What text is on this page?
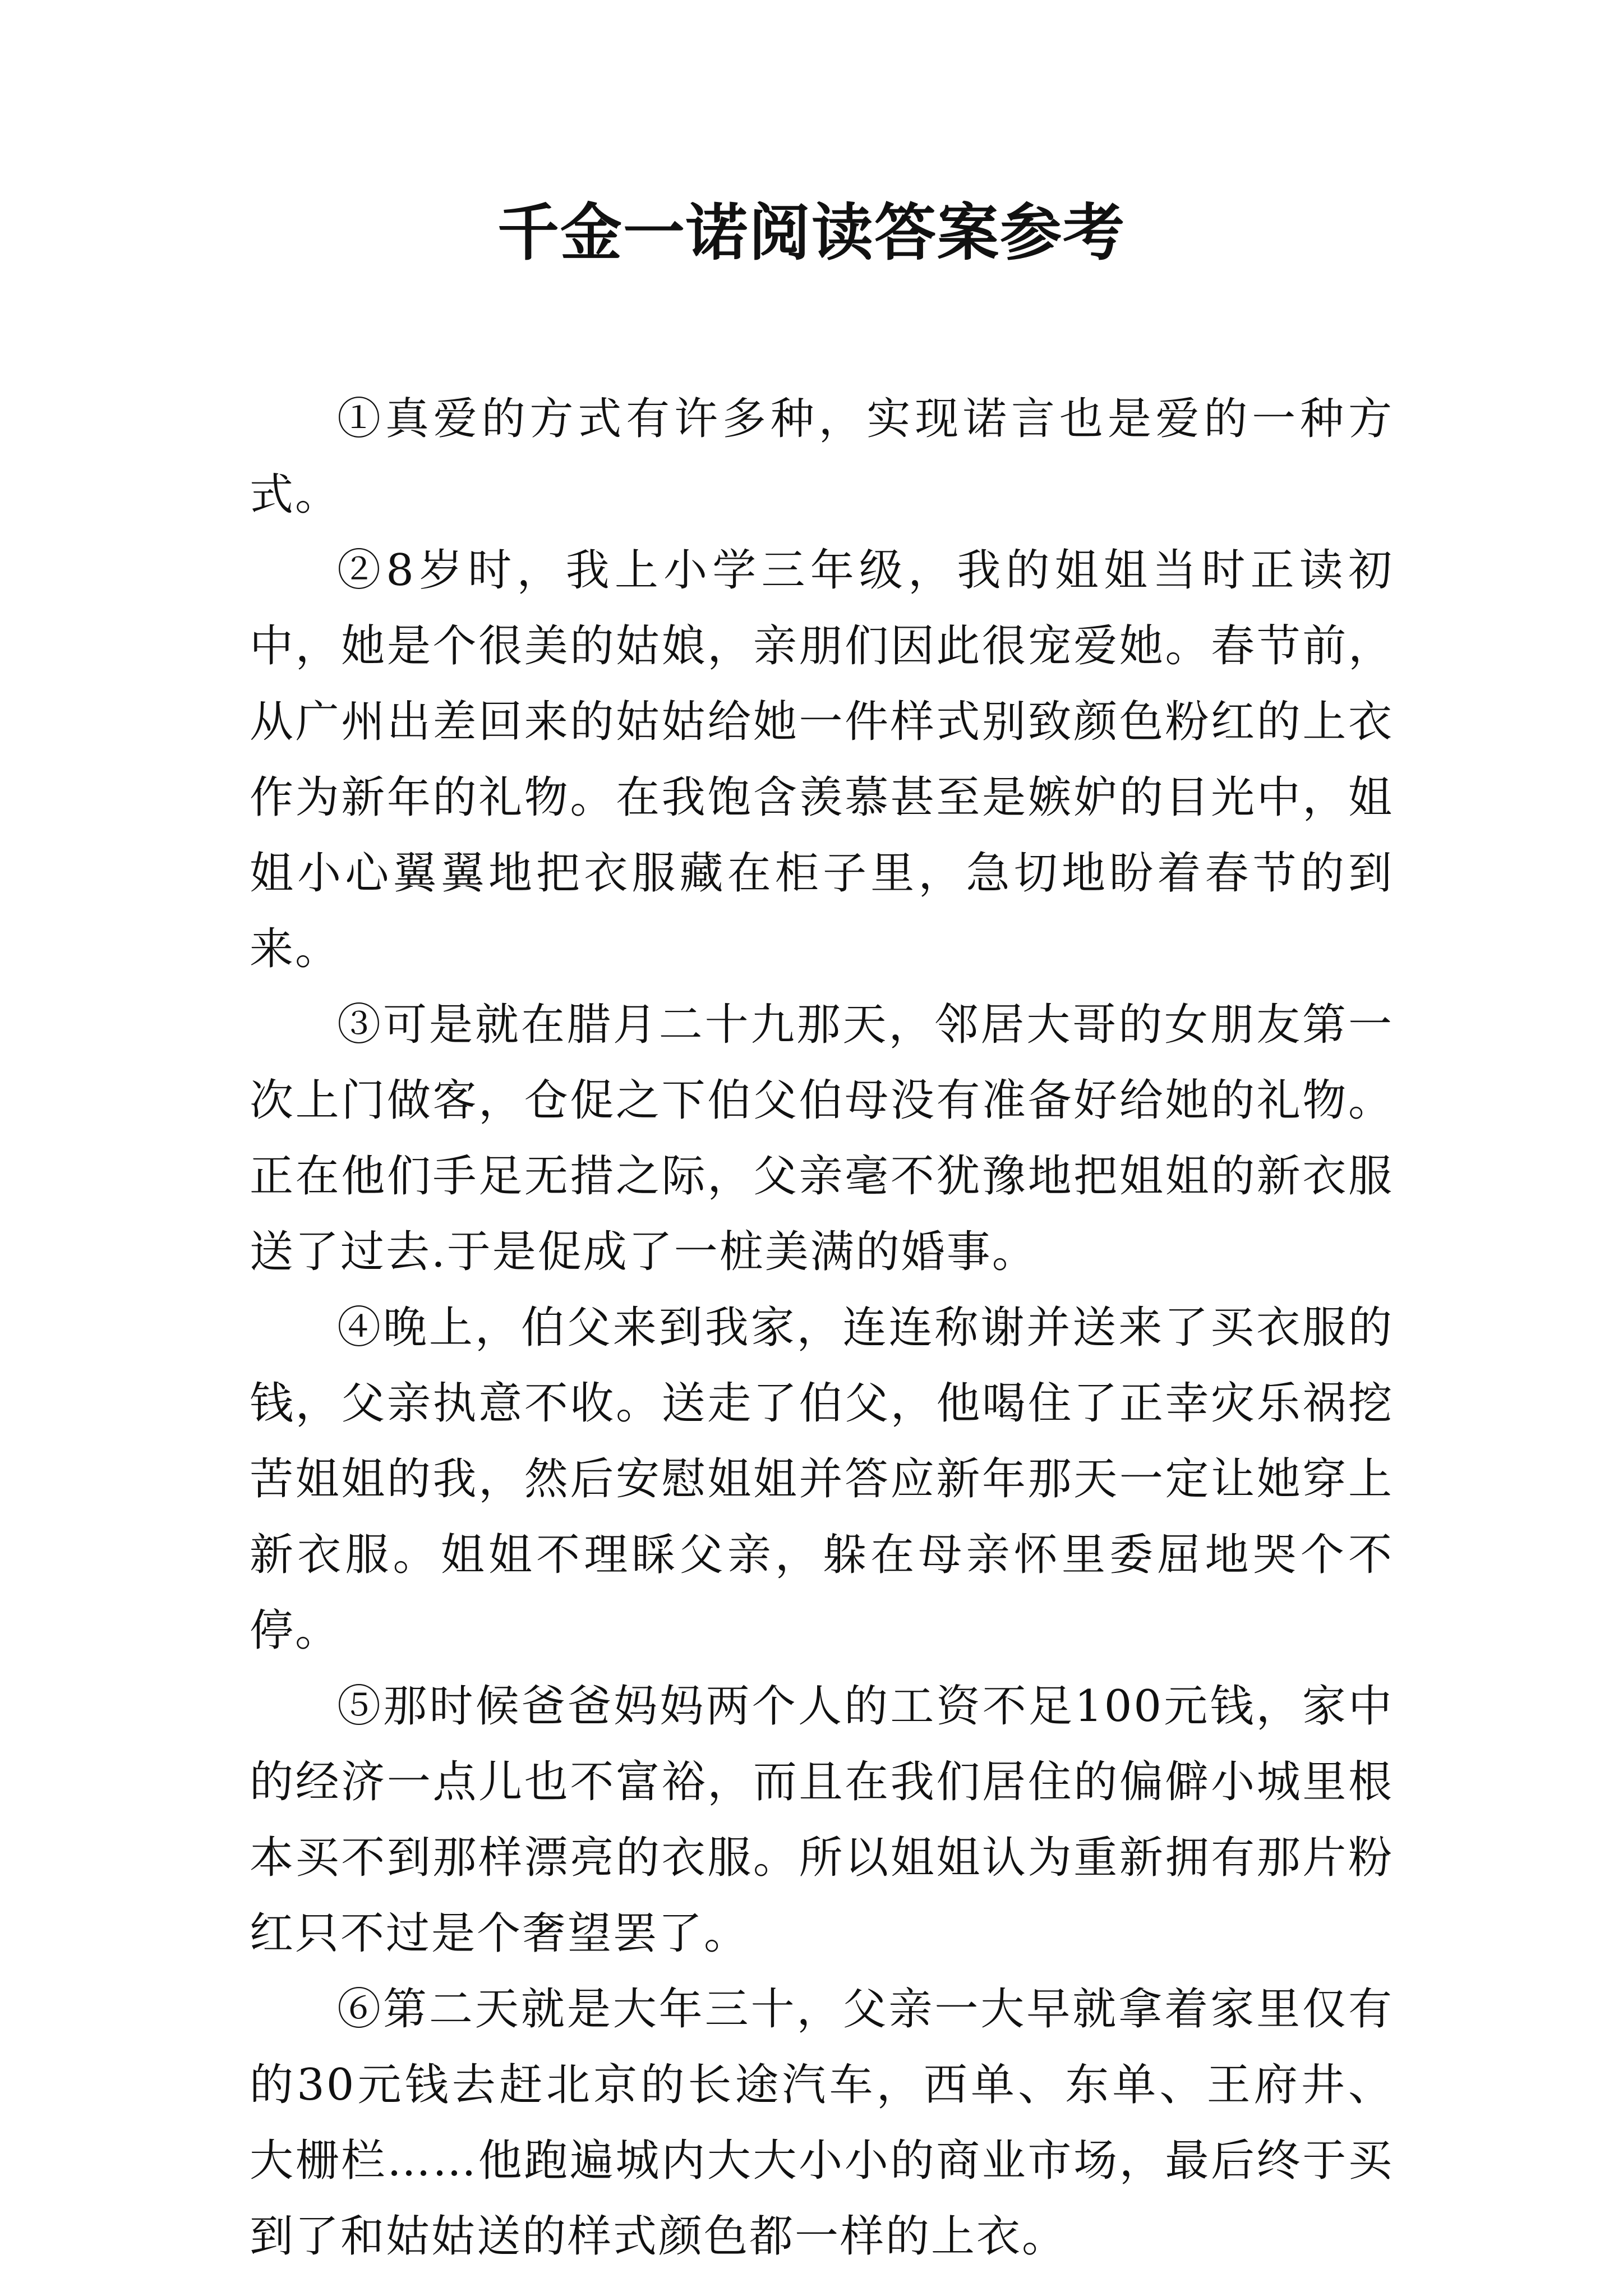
千金一诺阅读答案参考

①真爱的方式有许多种，实现诺言也是爱的一种方式。

②8岁时，我上小学三年级，我的姐姐当时正读初中，她是个很美的姑娘，亲朋们因此很宠爱她。春节前，从广州出差回来的姑姑给她一件样式别致颜色粉红的上衣作为新年的礼物。在我饱含羡慕甚至是嫉妒的目光中，姐姐小心翼翼地把衣服藏在柜子里，急切地盼着春节的到来。

③可是就在腊月二十九那天，邻居大哥的女朋友第一次上门做客，仓促之下伯父伯母没有准备好给她的礼物。正在他们手足无措之际，父亲毫不犹豫地把姐姐的新衣服送了过去.于是促成了一桩美满的婚事。

④晚上，伯父来到我家，连连称谢并送来了买衣服的钱，父亲执意不收。送走了伯父，他喝住了正幸灾乐祸挖苦姐姐的我，然后安慰姐姐并答应新年那天一定让她穿上新衣服。姐姐不理睬父亲，躲在母亲怀里委屈地哭个不停。

⑤那时候爸爸妈妈两个人的工资不足100元钱，家中的经济一点儿也不富裕，而且在我们居住的偏僻小城里根本买不到那样漂亮的衣服。所以姐姐认为重新拥有那片粉红只不过是个奢望罢了。

⑥第二天就是大年三十，父亲一大早就拿着家里仅有的30元钱去赶北京的长途汽车，西单、东单、王府井、大栅栏……他跑遍城内大大小小的商业市场，最后终于买到了和姑姑送的样式颜色都一样的上衣。
